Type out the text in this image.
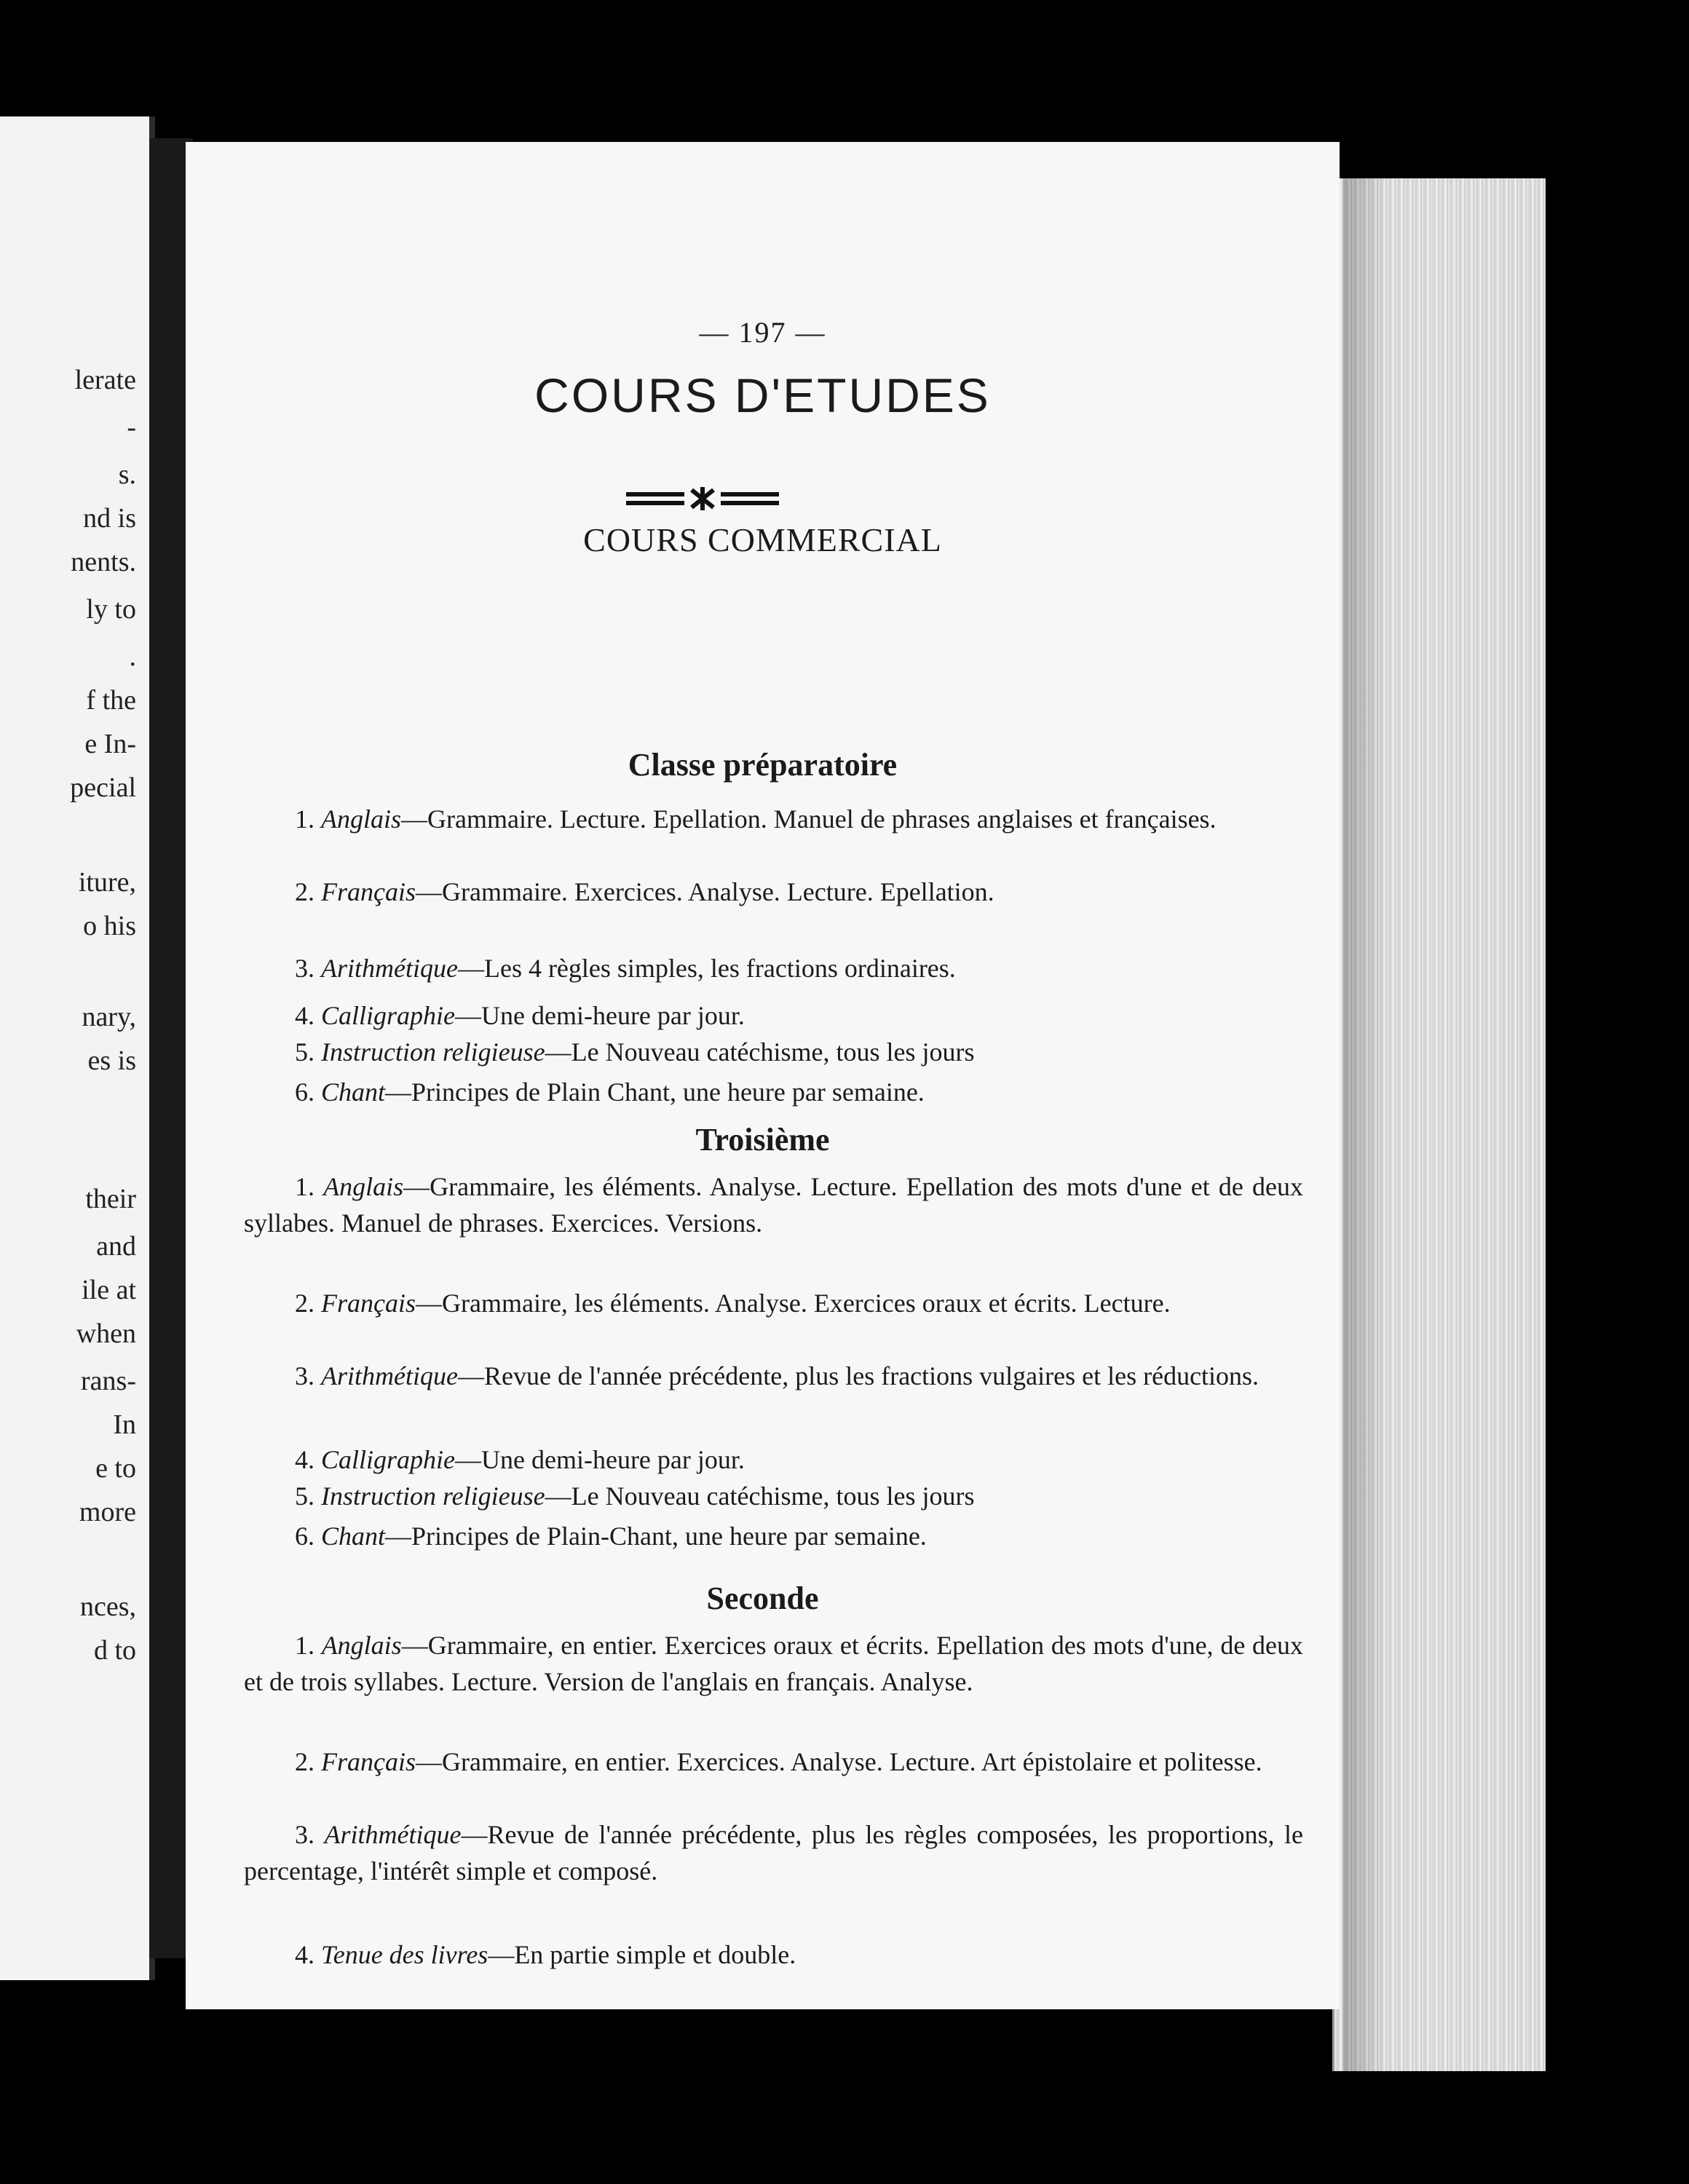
lerate
-
s.
nd is
nents.
ly to
.
f the
e In-
pecial
iture,
o his
nary,
es is
their
and
ile at
when
rans-
In
e to
more
nces,
d to
— 197 —
COURS D'ETUDES
COURS COMMERCIAL
Classe préparatoire
1. Anglais—Grammaire. Lecture. Epellation. Manuel de phrases anglaises et françaises.
2. Français—Grammaire. Exercices. Analyse. Lecture. Epellation.
3. Arithmétique—Les 4 règles simples, les fractions ordinaires.
4. Calligraphie—Une demi-heure par jour.
5. Instruction religieuse—Le Nouveau catéchisme, tous les jours
6. Chant—Principes de Plain Chant, une heure par semaine.
Troisième
1. Anglais—Grammaire, les éléments. Analyse. Lecture. Epellation des mots d'une et de deux syllabes. Manuel de phrases. Exercices. Versions.
2. Français—Grammaire, les éléments. Analyse. Exercices oraux et écrits. Lecture.
3. Arithmétique—Revue de l'année précédente, plus les fractions vulgaires et les réductions.
4. Calligraphie—Une demi-heure par jour.
5. Instruction religieuse—Le Nouveau catéchisme, tous les jours
6. Chant—Principes de Plain-Chant, une heure par semaine.
Seconde
1. Anglais—Grammaire, en entier. Exercices oraux et écrits. Epellation des mots d'une, de deux et de trois syllabes. Lecture. Version de l'anglais en français. Analyse.
2. Français—Grammaire, en entier. Exercices. Analyse. Lecture. Art épistolaire et politesse.
3. Arithmétique—Revue de l'année précédente, plus les règles composées, les proportions, le percentage, l'intérêt simple et composé.
4. Tenue des livres—En partie simple et double.
